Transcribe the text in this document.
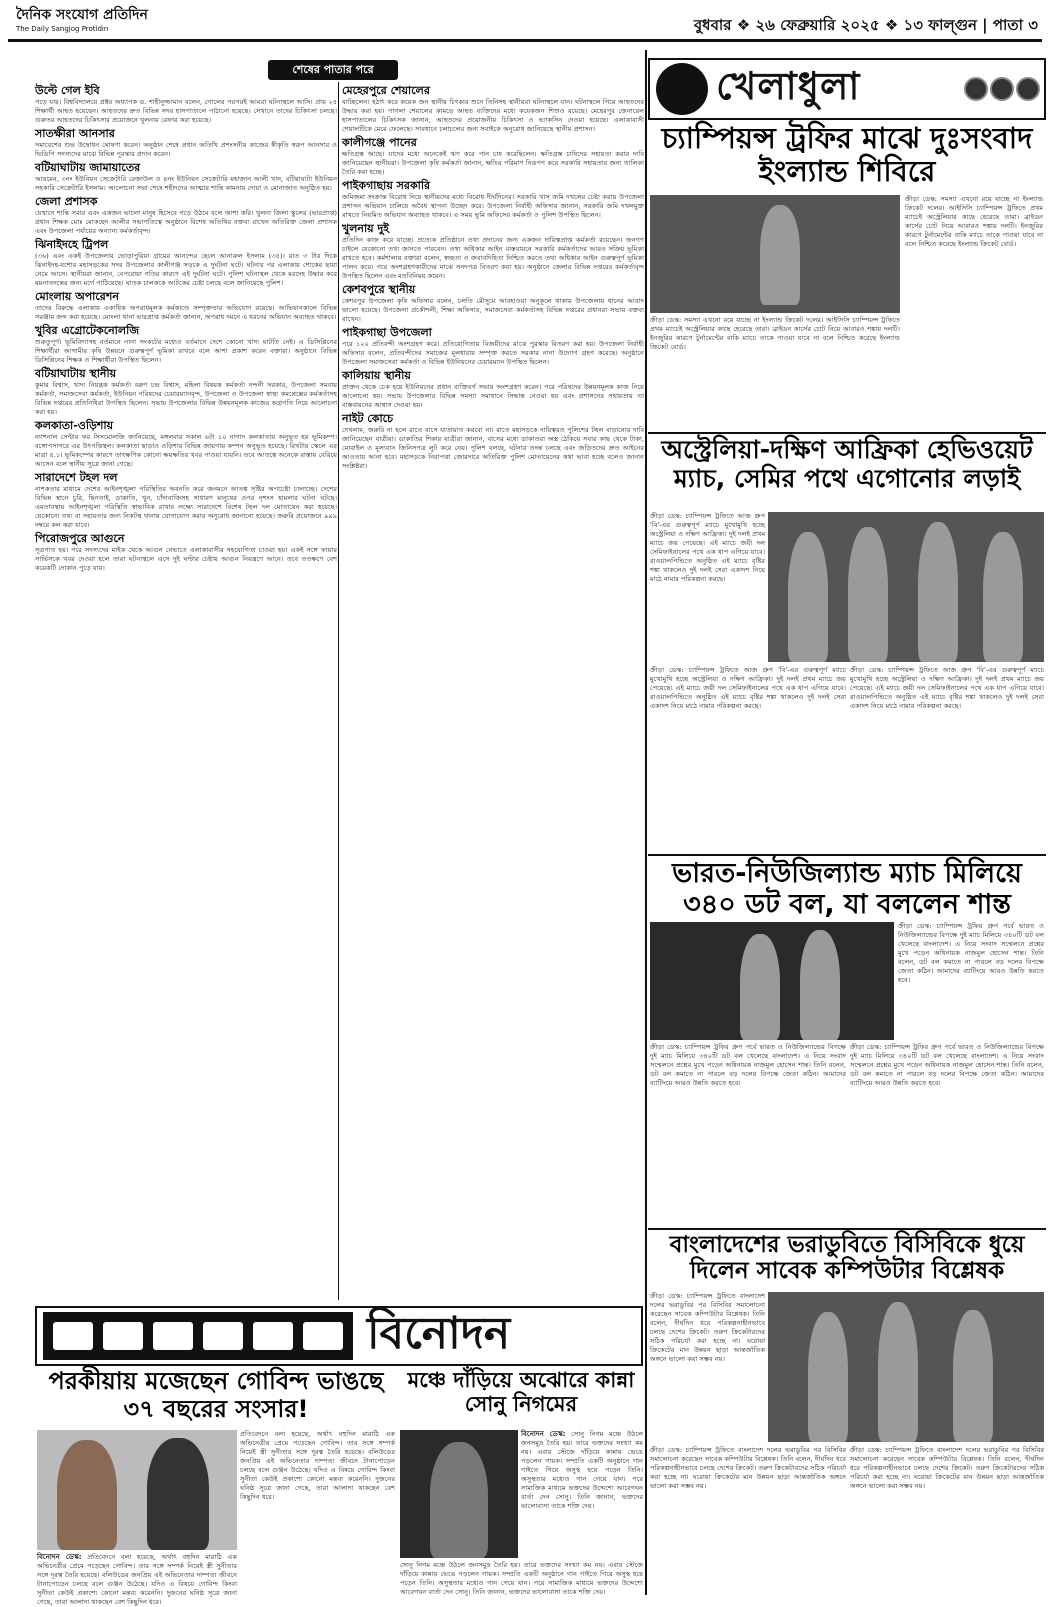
দৈনিক সংযোগ প্রতিদিন
The Daily Sangjog Protidin	বুধবার ❖ ২৬ ফেব্রুয়ারি ২০২৫ ❖ ১৩ ফাল্গুন | পাতা ৩
শেষের পাতার পরে
উল্টে গেল ইবি

পড়ে যায়। বিশ্ববিদ্যালয়ে প্রক্টর অধ্যাপক ড. শাহীনুজ্জামান বলেন, গোলের পরপরই আমরা ঘটনাস্থলে আসি। প্রায় ২৫ শিক্ষার্থী আহত হয়েছেন। আহতদের দ্রুত বিভিন্ন সদর হাসপাতালে পাঠানো হয়েছে। সেখানে তাদের চিকিৎসা চলছে। গুরুতর আহতদের চিকিৎসার প্রয়োজনে খুলনায় রেফার করা হয়েছে।

সাতক্ষীরা আনসার

সমাবেশের শুভ উদ্বোধন ঘোষণা করেন। অনুষ্ঠান শেষে প্রধান অতিথি প্রশংসনীয় কাজের স্বীকৃতি স্বরূপ আনসার ও ভিডিপি সদস্যদের মাঝে বিভিন্ন পুরস্কার প্রদান করেন।

বটিয়াঘাটায় জামায়াতের

আয়মেন, ৩নং ইউনিয়ন সেক্রেটারি রেজাউল ও ৪নং ইউনিয়ন সেক্রেটারি মহাজান আলী খান, বটিয়াঘাটা ইউনিয়ন সহকারি সেক্রেটারি ইসলাম। আলোচনা সভা শেষে শহীদদের আত্মার শান্তি কামনায় দোয়া ও মোনাজাত অনুষ্ঠিত হয়।

জেলা প্রশাসক

যেখানে শান্তি সবার এবং একজন ভালো মানুষ হিসেবে গড়ে উঠবে বলে আশা করি। খুলনা জিলা স্কুলের (ভারপ্রাপ্ত) প্রধান শিক্ষক মোঃ মোকছেদ আলীর সভাপতিত্বে অনুষ্ঠানে বিশেষ অতিথির বক্তব্য রাখেন অতিরিক্ত জেলা প্রশাসক এবং উপজেলা পর্যায়ের অন্যান্য কর্মকর্তাবৃন্দ।

ঝিনাইদহে ট্রিপল

(৩৬) এবং একই উপজেলার ভোড়াপুরিয়া গ্রামের আনন্দের ছেলে আনারুল ইসলাম (৩৫)। রাত ৩ টার দিকে ঝিনাইদহ-যশোর মহাসড়কের সদর উপজেলার কালীগঞ্জ সড়কে এ দুর্ঘটনা ঘটে। ঘটনার পর এলাকায় শোকের ছায়া নেমে আসে। স্থানীয়রা জানান, বেপরোয়া গতির কারণে এই দুর্ঘটনা ঘটে। পুলিশ ঘটনাস্থল থেকে মরদেহ উদ্ধার করে ময়নাতদন্তের জন্য মর্গে পাঠিয়েছে। ঘাতক চালককে আটকের চেষ্টা চলছে বলে জানিয়েছে পুলিশ।

মোংলায় অপারেশন

তাদের বিরুদ্ধে এলাকায় একাধিক অপরাধমূলক কর্মকাণ্ডে সম্পৃক্ততার অভিযোগ রয়েছে। আভিযানকালে বিভিন্ন সরঞ্জাম জব্দ করা হয়েছে। মোংলা থানা ভারপ্রাপ্ত কর্মকর্তা জানান, অপরাধ দমনে এ ধরনের অভিযান অব্যাহত থাকবে।

খুবির এগ্রোটেকনোলজি

শুরুতুপূর্ণ। ভূমিবিদ্যাসহ বর্তমানে নানা সংকটের মধ্যেও বর্তমানে দেশে কোনো খাদ্য ঘাটতি নেই। এ ডিসিপ্লিনের শিক্ষার্থীরা আগামীর কৃষি উন্নয়নে গুরুত্বপূর্ণ ভূমিকা রাখবে বলে আশা প্রকাশ করেন বক্তারা। অনুষ্ঠানে বিভিন্ন ডিসিপ্লিনের শিক্ষক ও শিক্ষার্থীরা উপস্থিত ছিলেন।

বটিয়াঘাটায় স্থানীয়

কুমার বিশ্বাস, খাদ্য নিয়ন্ত্রক কর্মকর্তা বরুণ চন্দ্র বিশ্বাস, মহিলা বিষয়ক কর্মকর্তা নন্দনী সরকার, উপজেলা সমবায় কর্মকর্তা, সমাজসেবা কর্মকর্তা, ইউনিয়ন পরিষদের চেয়ারম্যানবৃন্দ, উপজেলা ও উপজেলা স্বাস্থ্য কমপ্লেক্সের কর্মকর্তাসহ বিভিন্ন দপ্তরের প্রতিনিধিরা উপস্থিত ছিলেন। সভায় উপজেলার বিভিন্ন উন্নয়নমূলক কাজের অগ্রগতি নিয়ে আলোচনা করা হয়।

কলকাতা-ওড়িশায়

ন্যাশনাল সেন্টার ফর সিসমোলজি জানিয়েছে, মঙ্গলবার সকাল ৬টা ১০ নাগাদ কলকাতায় অনুভূত হয় ভূমিকম্প। বঙ্গোপসাগরে এর উৎপত্তিস্থল। কলকাতা ছাড়াও ওড়িশার বিভিন্ন জায়গায় কম্পন অনুভূত হয়েছে। রিখটার স্কেলে এর মাত্রা ৫.১। ভূমিকম্পের কারণে তাৎক্ষণিক কোনো ক্ষয়ক্ষতির খবর পাওয়া যায়নি। তবে আতঙ্কে অনেকে রাস্তায় বেরিয়ে আসেন বলে স্থানীয় সূত্রে জানা গেছে।

সারাদেশে টহল দল

নাশকতার মাধ্যমে দেশের আইনশৃঙ্খলা পরিস্থিতির অবনতি করে জনমনে আতঙ্ক সৃষ্টির অপচেষ্টা চালাচ্ছে। দেশের বিভিন্ন স্থানে চুরি, ছিনতাই, ডাকাতি, খুন, চাঁদাবাজিসহ সাধারণ মানুষের ওপর নৃশংস হামলার ঘটনা ঘটছে। এমতাবস্থায় আইনশৃঙ্খলা পরিস্থিতি স্বাভাবিক রাখার লক্ষ্যে সারাদেশে বিশেষ টহল দল মোতায়েন করা হয়েছে। যেকোনো তথ্য বা সহায়তার জন্য নিকটস্থ থানায় যোগাযোগ করার অনুরোধ জানানো হয়েছে। জরুরি প্রয়োজনে ৯৯৯ নম্বরে কল করা যাবে।

পিরোজপুরে আগুনে

সূত্রপাত হয়। পরে সদস্যদের মাইক থেকে আগুন নেভাতে এলাকাবাসীর সহযোগিতা চাওয়া হয়। একই সঙ্গে ফায়ার সার্ভিসকে খবর দেওয়া হলে তারা ঘটনাস্থলে এসে দুই ঘণ্টার চেষ্টায় আগুন নিয়ন্ত্রণে আনে। তবে ততক্ষণে বেশ কয়েকটি দোকান পুড়ে যায়।

মেহেরপুরে শেয়ালের

যাচ্ছিলেন। হঠাৎ করে কয়েক জন স্থানীয় চিৎকার শুনে তিনিসহ স্থানীয়রা ঘটনাস্থলে যান। ঘটনাস্থলে গিয়ে আহতদের উদ্ধার করা হয়। পাগলা শেয়ালের কামড়ে আহত ব্যক্তিদের মধ্যে কয়েকজন শিশুও রয়েছে। মেহেরপুর জেনারেল হাসপাতালের চিকিৎসক জানান, আহতদের প্রয়োজনীয় চিকিৎসা ও ভ্যাকসিন দেওয়া হয়েছে। এলাকাবাসী শেয়ালটিকে মেরে ফেলেছে। সাবধানে চলাচলের জন্য সবাইকে অনুরোধ জানিয়েছে স্থানীয় প্রশাসন।

কালীগঞ্জে পানের

ক্ষতিগ্রস্ত আছে। যাদের মধ্যে অনেকেই ঋণ করে পান চাষ করেছিলেন। ক্ষতিগ্রস্ত চাষিদের সহায়তা করার দাবি জানিয়েছেন স্থানীয়রা। উপজেলা কৃষি কর্মকর্তা জানান, ক্ষতির পরিমাণ নিরূপণ করে সরকারি সহায়তার জন্য তালিকা তৈরি করা হচ্ছে।

পাইকগাছায় সরকারি

জমিজমা সংক্রান্ত বিরোধ নিয়ে স্থানীয়দের মধ্যে বিরোধ দীর্ঘদিনের। সরকারি খাস জমি দখলের চেষ্টা করায় উপজেলা প্রশাসন অভিযান চালিয়ে অবৈধ স্থাপনা উচ্ছেদ করে। উপজেলা নির্বাহী অফিসার জানান, সরকারি জমি দখলমুক্ত রাখতে নিয়মিত অভিযান অব্যাহত থাকবে। এ সময় ভূমি অফিসের কর্মকর্তা ও পুলিশ উপস্থিত ছিলেন।

খুলনায় দুই

প্রতিদিন কাজ করে যাচ্ছে। প্রত্যেক প্রতিষ্ঠানে তথ্য প্রদানের জন্য একজন দায়িত্বপ্রাপ্ত কর্মকর্তা রয়েছেন। জনগণ চাইলে যেকোনো তথ্য জানতে পারবেন। তথ্য অধিকার আইন বাস্তবায়নে সরকারি কর্মকর্তাদের আরও সক্রিয় ভূমিকা রাখতে হবে। কর্মশালায় বক্তারা বলেন, স্বচ্ছতা ও জবাবদিহিতা নিশ্চিত করতে তথ্য অধিকার আইন গুরুত্বপূর্ণ ভূমিকা পালন করে। পরে অংশগ্রহণকারীদের মাঝে সনদপত্র বিতরণ করা হয়। অনুষ্ঠানে জেলার বিভিন্ন দপ্তরের কর্মকর্তাবৃন্দ উপস্থিত ছিলেন এবং মতবিনিময় করেন।

কেশবপুরে স্থানীয়

কেশবপুর উপজেলা কৃষি অফিসার বলেন, চলতি মৌসুমে আবহাওয়া অনুকূলে থাকায় উপজেলায় ধানের আবাদ ভালো হয়েছে। উপজেলা প্রকৌশলী, শিক্ষা অফিসার, সমাজসেবা কর্মকর্তাসহ বিভিন্ন দপ্তরের প্রধানরা সভায় বক্তব্য রাখেন।

পাইকগাছা উপজেলা

পরে ১২০ প্রতিবন্দী অংশগ্রহণ করে। প্রতিযোগিতায় বিজয়ীদের মাঝে পুরস্কার বিতরণ করা হয়। উপজেলা নির্বাহী অফিসার বলেন, প্রতিবন্দীদের সমাজের মূলধারায় সম্পৃক্ত করতে সরকার নানা উদ্যোগ গ্রহণ করেছে। অনুষ্ঠানে উপজেলা সমাজসেবা কর্মকর্তা ও বিভিন্ন ইউনিয়নের চেয়ারম্যান উপস্থিত ছিলেন।

কালিয়ায় স্থানীয়

প্রাক্তন থেকে চেক হয়ে ইউনিয়নের প্রধান ব্যক্তিবর্গ সভায় অংশগ্রহণ করেন। পরে পরিষদের উন্নয়নমূলক কাজ নিয়ে আলোচনা হয়। সভায় উপজেলার বিভিন্ন সমস্যা সমাধানে সিদ্ধান্ত নেওয়া হয় এবং প্রশাসনের সহায়তায় তা বাস্তবায়নের আশ্বাস দেওয়া হয়।

নাইট কোচে

দেখলাম, জরুরি না হলে রাতে বাসে যাতায়াত করবো না। রাতে মহাসড়কে দায়িত্বরত পুলিশের টহল বাড়ানোর দাবি জানিয়েছেন যাত্রীরা। ডাকাতির শিকার যাত্রীরা জানান, বাসের মধ্যে ডাকাতরা অস্ত্র ঠেকিয়ে সবার কাছ থেকে টাকা, মোবাইল ও মূল্যবান জিনিসপত্র লুট করে নেয়। পুলিশ বলছে, ঘটনার তদন্ত চলছে এবং জড়িতদের দ্রুত আইনের আওতায় আনা হবে। মহাসড়কে নিরাপত্তা জোরদারে অতিরিক্ত পুলিশ মোতায়েনের কথা ভাবা হচ্ছে বলেও জানান সংশ্লিষ্টরা।

খেলাধুলা
চ্যাম্পিয়ন্স ট্রফির মাঝে দুঃসংবাদ ইংল্যান্ড শিবিরে
ক্রীড়া ডেস্ক: সমস্যা এখনো রয়ে যাচ্ছে না ইংল্যান্ড ক্রিকেট দলের। আইসিসি চ্যাম্পিয়ন্স ট্রফিতে প্রথম ম্যাচেই অস্ট্রেলিয়ার কাছে হেরেছে তারা। ব্রাইডন কার্সের চোট নিয়ে আবারও শঙ্কায় দলটি। ইনজুরির কারণে টুর্নামেন্টের বাকি ম্যাচে তাকে পাওয়া যাবে না বলে নিশ্চিত করেছে ইংল্যান্ড ক্রিকেট বোর্ড।
ক্রীড়া ডেস্ক: সমস্যা এখনো রয়ে যাচ্ছে না ইংল্যান্ড ক্রিকেট দলের। আইসিসি চ্যাম্পিয়ন্স ট্রফিতে প্রথম ম্যাচেই অস্ট্রেলিয়ার কাছে হেরেছে তারা। ব্রাইডন কার্সের চোট নিয়ে আবারও শঙ্কায় দলটি। ইনজুরির কারণে টুর্নামেন্টের বাকি ম্যাচে তাকে পাওয়া যাবে না বলে নিশ্চিত করেছে ইংল্যান্ড ক্রিকেট বোর্ড।
অস্ট্রেলিয়া-দক্ষিণ আফ্রিকা হেভিওয়েট ম্যাচ, সেমির পথে এগোনোর লড়াই
ক্রীড়া ডেস্ক: চ্যাম্পিয়ন্স ট্রফিতে আজ গ্রুপ 'বি'-এর গুরুত্বপূর্ণ ম্যাচে মুখোমুখি হচ্ছে অস্ট্রেলিয়া ও দক্ষিণ আফ্রিকা। দুই দলই প্রথম ম্যাচে জয় পেয়েছে। এই ম্যাচে জয়ী দল সেমিফাইনালের পথে এক ধাপ এগিয়ে যাবে। রাওয়ালপিন্ডিতে অনুষ্ঠিত এই ম্যাচে বৃষ্টির শঙ্কা থাকলেও দুই দলই সেরা একাদশ নিয়ে মাঠে নামার পরিকল্পনা করছে।
ক্রীড়া ডেস্ক: চ্যাম্পিয়ন্স ট্রফিতে আজ গ্রুপ 'বি'-এর গুরুত্বপূর্ণ ম্যাচে মুখোমুখি হচ্ছে অস্ট্রেলিয়া ও দক্ষিণ আফ্রিকা। দুই দলই প্রথম ম্যাচে জয় পেয়েছে। এই ম্যাচে জয়ী দল সেমিফাইনালের পথে এক ধাপ এগিয়ে যাবে। রাওয়ালপিন্ডিতে অনুষ্ঠিত এই ম্যাচে বৃষ্টির শঙ্কা থাকলেও দুই দলই সেরা একাদশ নিয়ে মাঠে নামার পরিকল্পনা করছে।
ক্রীড়া ডেস্ক: চ্যাম্পিয়ন্স ট্রফিতে আজ গ্রুপ 'বি'-এর গুরুত্বপূর্ণ ম্যাচে মুখোমুখি হচ্ছে অস্ট্রেলিয়া ও দক্ষিণ আফ্রিকা। দুই দলই প্রথম ম্যাচে জয় পেয়েছে। এই ম্যাচে জয়ী দল সেমিফাইনালের পথে এক ধাপ এগিয়ে যাবে। রাওয়ালপিন্ডিতে অনুষ্ঠিত এই ম্যাচে বৃষ্টির শঙ্কা থাকলেও দুই দলই সেরা একাদশ নিয়ে মাঠে নামার পরিকল্পনা করছে।
ভারত-নিউজিল্যান্ড ম্যাচ মিলিয়ে ৩৪০ ডট বল, যা বললেন শান্ত
ক্রীড়া ডেস্ক: চ্যাম্পিয়ন্স ট্রফির গ্রুপ পর্বে ভারত ও নিউজিল্যান্ডের বিপক্ষে দুই ম্যাচ মিলিয়ে ৩৪০টি ডট বল খেলেছে বাংলাদেশ। এ নিয়ে সংবাদ সম্মেলনে প্রশ্নের মুখে পড়েন অধিনায়ক নাজমুল হোসেন শান্ত। তিনি বলেন, ডট বল কমাতে না পারলে বড় দলের বিপক্ষে জেতা কঠিন। আমাদের ব্যাটিংয়ে আরও উন্নতি করতে হবে।
ক্রীড়া ডেস্ক: চ্যাম্পিয়ন্স ট্রফির গ্রুপ পর্বে ভারত ও নিউজিল্যান্ডের বিপক্ষে দুই ম্যাচ মিলিয়ে ৩৪০টি ডট বল খেলেছে বাংলাদেশ। এ নিয়ে সংবাদ সম্মেলনে প্রশ্নের মুখে পড়েন অধিনায়ক নাজমুল হোসেন শান্ত। তিনি বলেন, ডট বল কমাতে না পারলে বড় দলের বিপক্ষে জেতা কঠিন। আমাদের ব্যাটিংয়ে আরও উন্নতি করতে হবে।
ক্রীড়া ডেস্ক: চ্যাম্পিয়ন্স ট্রফির গ্রুপ পর্বে ভারত ও নিউজিল্যান্ডের বিপক্ষে দুই ম্যাচ মিলিয়ে ৩৪০টি ডট বল খেলেছে বাংলাদেশ। এ নিয়ে সংবাদ সম্মেলনে প্রশ্নের মুখে পড়েন অধিনায়ক নাজমুল হোসেন শান্ত। তিনি বলেন, ডট বল কমাতে না পারলে বড় দলের বিপক্ষে জেতা কঠিন। আমাদের ব্যাটিংয়ে আরও উন্নতি করতে হবে।
বাংলাদেশের ভরাডুবিতে বিসিবিকে ধুয়ে দিলেন সাবেক কম্পিউটার বিশ্লেষক
ক্রীড়া ডেস্ক: চ্যাম্পিয়ন্স ট্রফিতে বাংলাদেশ দলের ভরাডুবির পর বিসিবির সমালোচনা করেছেন সাবেক কম্পিউটার বিশ্লেষক। তিনি বলেন, দীর্ঘদিন ধরে পরিকল্পনাহীনভাবে চলছে দেশের ক্রিকেট। তরুণ ক্রিকেটারদের সঠিক পরিচর্যা করা হচ্ছে না। ঘরোয়া ক্রিকেটের মান উন্নয়ন ছাড়া আন্তর্জাতিক অঙ্গনে ভালো করা সম্ভব নয়।
ক্রীড়া ডেস্ক: চ্যাম্পিয়ন্স ট্রফিতে বাংলাদেশ দলের ভরাডুবির পর বিসিবির সমালোচনা করেছেন সাবেক কম্পিউটার বিশ্লেষক। তিনি বলেন, দীর্ঘদিন ধরে পরিকল্পনাহীনভাবে চলছে দেশের ক্রিকেট। তরুণ ক্রিকেটারদের সঠিক পরিচর্যা করা হচ্ছে না। ঘরোয়া ক্রিকেটের মান উন্নয়ন ছাড়া আন্তর্জাতিক অঙ্গনে ভালো করা সম্ভব নয়।
ক্রীড়া ডেস্ক: চ্যাম্পিয়ন্স ট্রফিতে বাংলাদেশ দলের ভরাডুবির পর বিসিবির সমালোচনা করেছেন সাবেক কম্পিউটার বিশ্লেষক। তিনি বলেন, দীর্ঘদিন ধরে পরিকল্পনাহীনভাবে চলছে দেশের ক্রিকেট। তরুণ ক্রিকেটারদের সঠিক পরিচর্যা করা হচ্ছে না। ঘরোয়া ক্রিকেটের মান উন্নয়ন ছাড়া আন্তর্জাতিক অঙ্গনে ভালো করা সম্ভব নয়।
বিনোদন
পরকীয়ায় মজেছেন গোবিন্দ ভাঙছে ৩৭ বছরের সংসার!
প্রতিবেদনে বলা হয়েছে, অর্থাৎ বহুদিন মারাঠি এক অভিনেত্রীর প্রেমে পড়েছেন গোবিন্দ। তার সঙ্গে সম্পর্ক নিয়েই স্ত্রী সুনীতার সঙ্গে দূরত্ব তৈরি হয়েছে। বলিউডের জনপ্রিয় এই অভিনেতার দাম্পত্য জীবনে টানাপোড়েন চলছে বলে গুঞ্জন উঠেছে। যদিও এ বিষয়ে গোবিন্দ কিংবা সুনীতা কেউই প্রকাশ্যে কোনো মন্তব্য করেননি। দুজনের ঘনিষ্ঠ সূত্রে জানা গেছে, তারা আলাদা থাকছেন বেশ কিছুদিন ধরে।
বিনোদন ডেস্ক: প্রতিবেদনে বলা হয়েছে, অর্থাৎ বহুদিন মারাঠি এক অভিনেত্রীর প্রেমে পড়েছেন গোবিন্দ। তার সঙ্গে সম্পর্ক নিয়েই স্ত্রী সুনীতার সঙ্গে দূরত্ব তৈরি হয়েছে। বলিউডের জনপ্রিয় এই অভিনেতার দাম্পত্য জীবনে টানাপোড়েন চলছে বলে গুঞ্জন উঠেছে। যদিও এ বিষয়ে গোবিন্দ কিংবা সুনীতা কেউই প্রকাশ্যে কোনো মন্তব্য করেননি। দুজনের ঘনিষ্ঠ সূত্রে জানা গেছে, তারা আলাদা থাকছেন বেশ কিছুদিন ধরে।
মঞ্চে দাঁড়িয়ে অঝোরে কান্না সোনু নিগমের
বিনোদন ডেস্ক: সোনু নিগম মঞ্চে উঠলে জনসমুদ্র তৈরি হয়। তারে ভক্তদের সংখ্যা কম নয়। এবার স্টেজে দাঁড়িয়ে কান্নায় ভেঙে পড়লেন গায়ক। সম্প্রতি একটি অনুষ্ঠানে গান গাইতে গিয়ে অসুস্থ হয়ে পড়েন তিনি। অসুস্থতার মধ্যেও গান গেয়ে যান। পরে সামাজিক মাধ্যমে ভক্তদের উদ্দেশ্যে আবেগঘন বার্তা দেন সোনু। তিনি জানান, ভক্তদের ভালোবাসা তাকে শক্তি দেয়।
সোনু নিগম মঞ্চে উঠলে জনসমুদ্র তৈরি হয়। তারে ভক্তদের সংখ্যা কম নয়। এবার স্টেজে দাঁড়িয়ে কান্নায় ভেঙে পড়লেন গায়ক। সম্প্রতি একটি অনুষ্ঠানে গান গাইতে গিয়ে অসুস্থ হয়ে পড়েন তিনি। অসুস্থতার মধ্যেও গান গেয়ে যান। পরে সামাজিক মাধ্যমে ভক্তদের উদ্দেশ্যে আবেগঘন বার্তা দেন সোনু। তিনি জানান, ভক্তদের ভালোবাসা তাকে শক্তি দেয়।
